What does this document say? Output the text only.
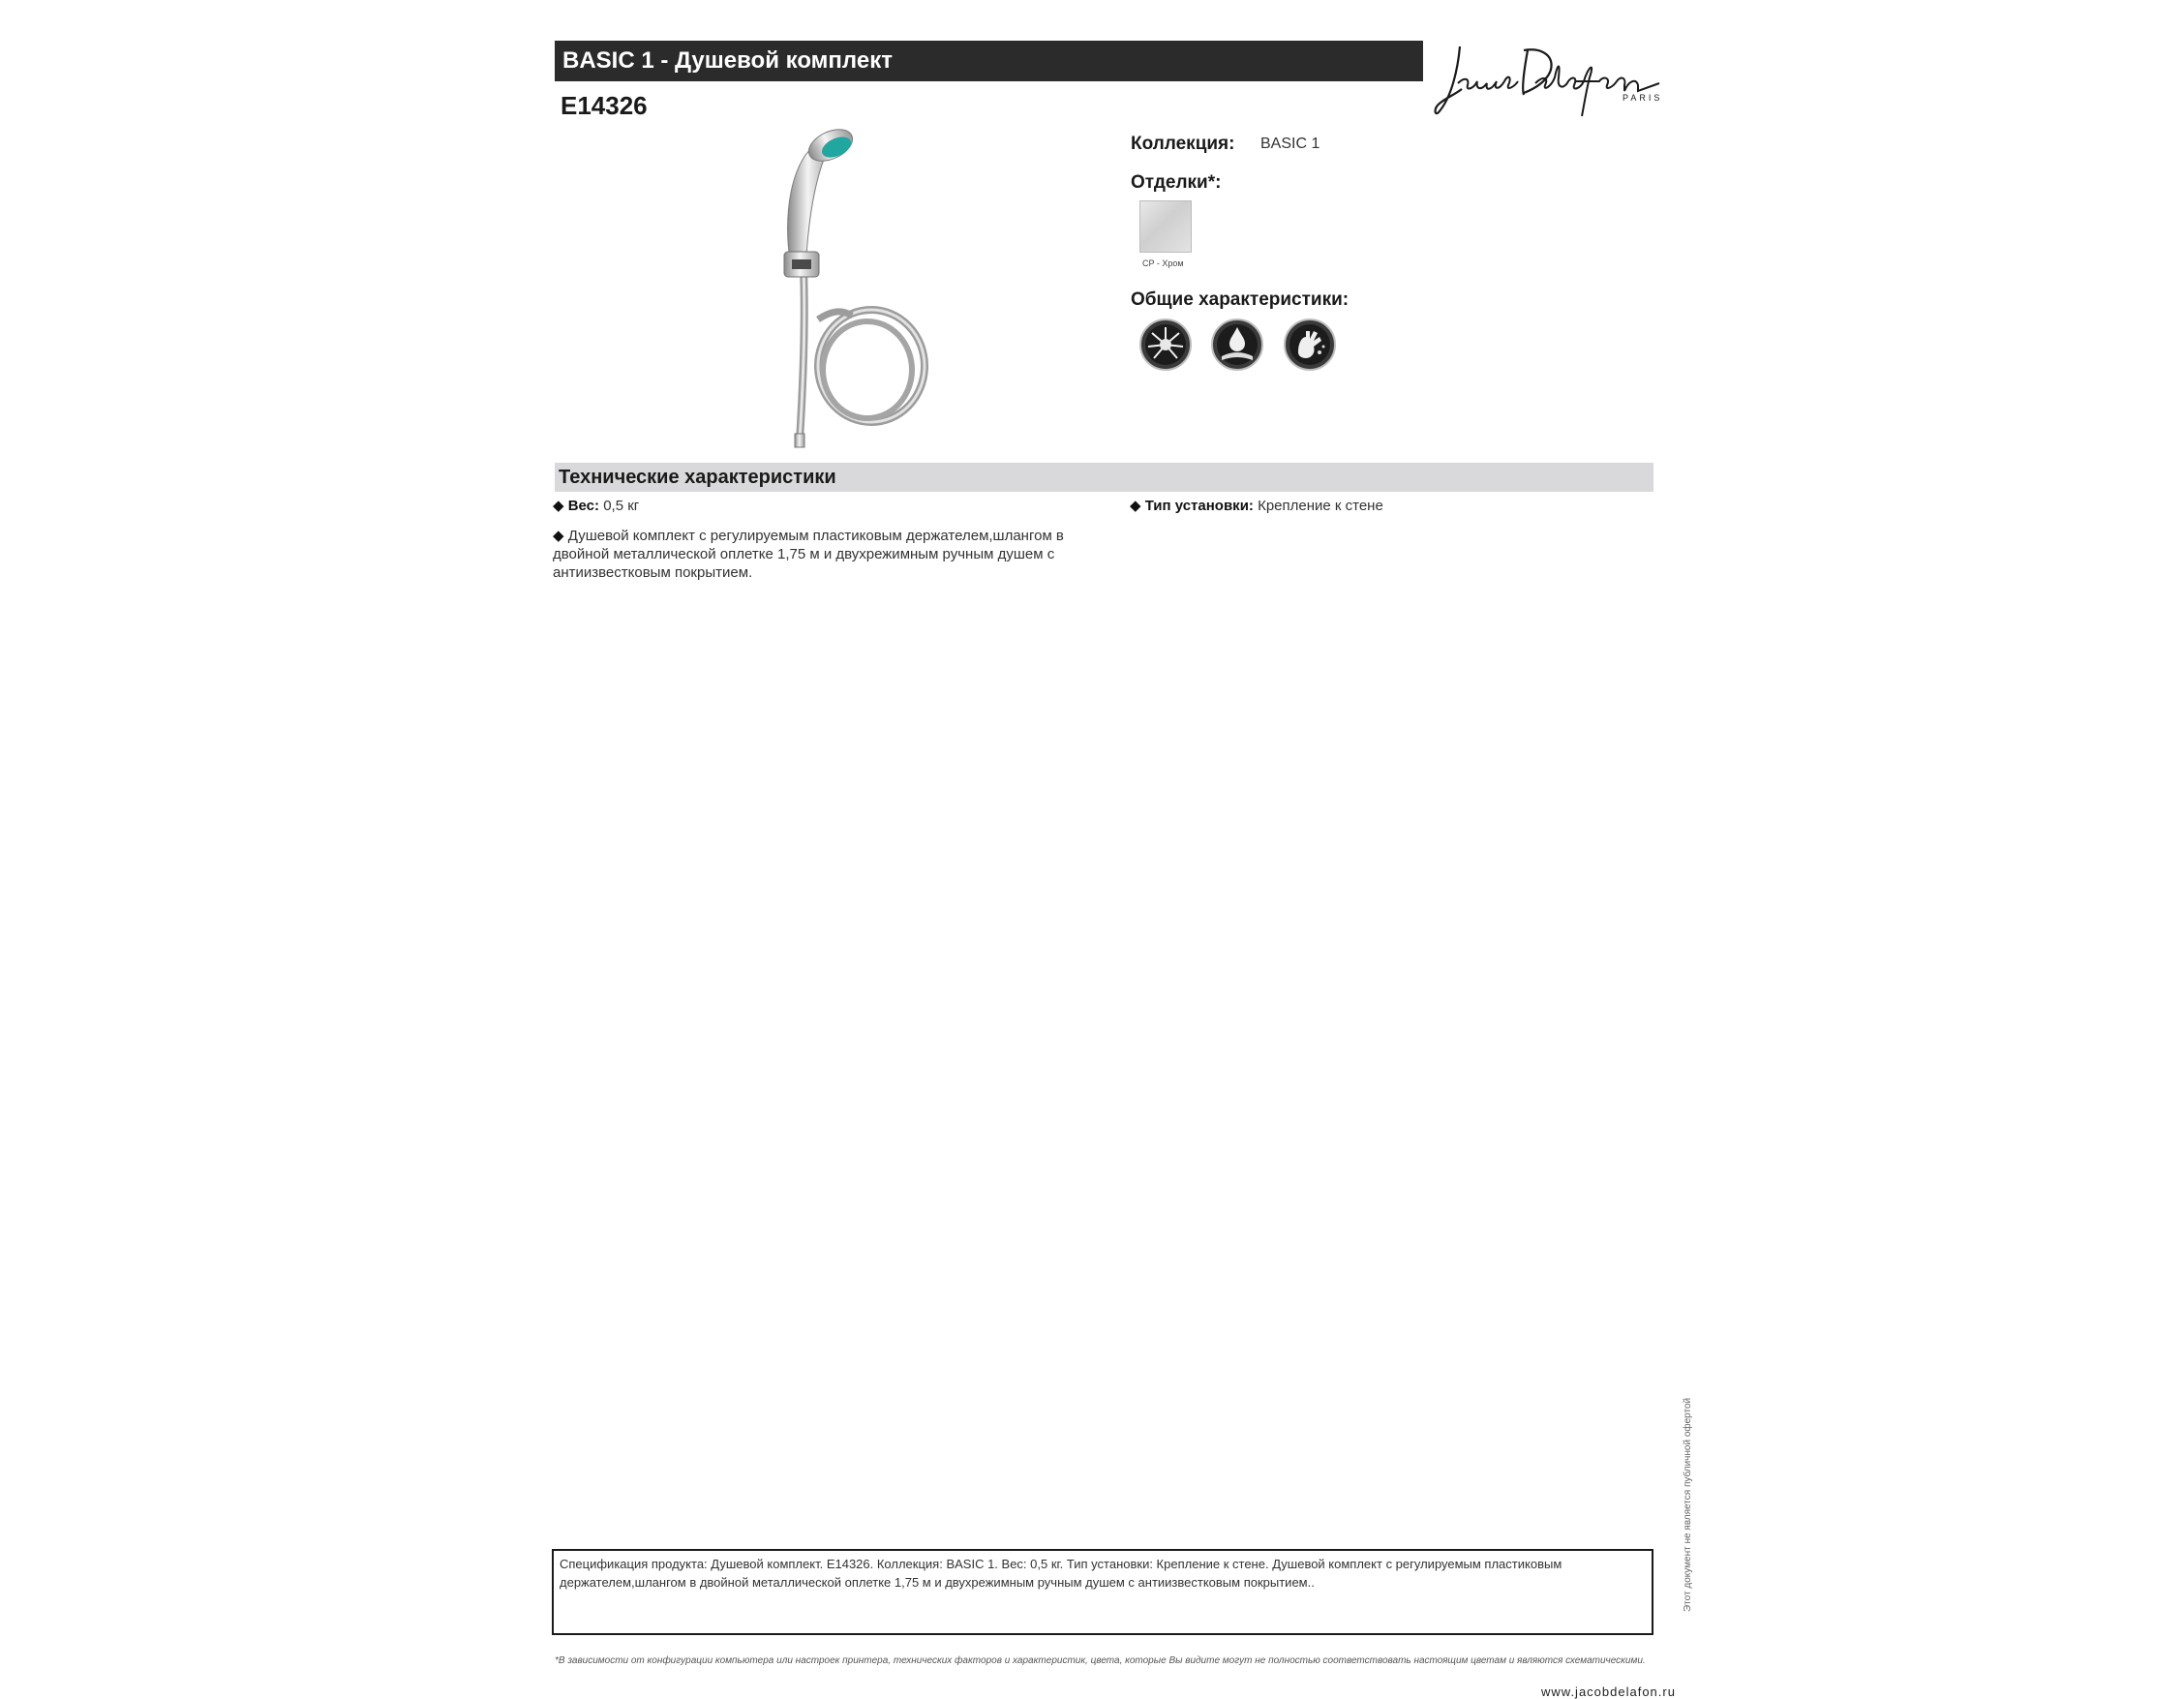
BASIC 1 - Душевой комплект
E14326	PARIS
Коллекция: BASIC 1
Отделки*:
CP - Хром
Общие характеристики:
Технические характеристики
◆ Вес: 0,5 кг	◆ Тип установки: Крепление к стене
◆ Душевой комплект с регулируемым пластиковым держателем,шлангом в двойной металлической оплетке 1,75 м и двухрежимным ручным душем с антиизвестковым покрытием.
Спецификация продукта: Душевой комплект. E14326. Коллекция: BASIC 1. Вес: 0,5 кг. Тип установки: Крепление к стене. Душевой комплект с регулируемым пластиковым держателем,шлангом в двойной металлической оплетке 1,75 м и двухрежимным ручным душем с антиизвестковым покрытием..
*В зависимости от конфигурации компьютера или настроек принтера, технических факторов и характеристик, цвета, которые Вы видите могут не полностью соответствовать настоящим цветам и являются схематическими.
www.jacobdelafon.ru
Этот документ не является публичной офертой
